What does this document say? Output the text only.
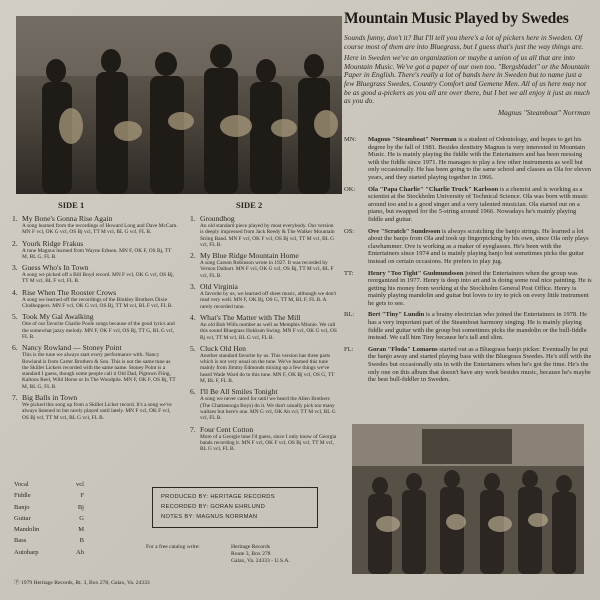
Mountain Music Played by Swedes

Sounds funny, don't it? But I'll tell you there's a lot of pickers here in Sweden. Of course most of them are into Bluegrass, but I guess that's just the way things are.

Here in Sweden we've an organization or maybe a union of us all that are into Mountain Music. We've got a paper of our own too. "Bergsbladet" or the Mountain Paper in English. There's really a lot of bands here in Sweden but to name just a few Bluegrass Swedes, Country Comfort and Gemene Men. All of us here may not be as good a-pickers as you all are over there, but I bet we all enjoy it just as much as you do.

Magnus "Steamboat" Norrman
MN:	Magnus "Steamboat" Norrman is a student of Odontology, and hopes to get his degree by the fall of 1981. Besides dentistry Magnus is very interested in Mountain Music. He is mainly playing the fiddle with the Entertainers and has been messing with the fiddle since 1971. He manages to play a few other instruments as well but only occasionally. He has been going to the same school and classes as Ola for eleven years, and they started playing together in 1966.
OK:	Ola "Papa Charlie" "Charlie Truck" Karlsson is a chemist and is working as a scientist at the Stockholm University of Technical Science. Ola was born with music around too and is a good singer and a very talented musician. Ola started out on a piano, but swapped for the 5-string around 1966. Nowadays he's mainly playing fiddle and guitar.
OS:	Ove "Scratch" Sundesson is always scratching the banjo strings. He learned a lot about the banjo from Ola and took up fingerpicking by his own, since Ola only plays clawhammer. Ove is working as a maker of eyeglasses. He's been with the Entertainers since 1974 and is mainly playing banjo but sometimes picks the guitar instead on certain occasions. He prefers to play jug.
TT:	Henry "Too Tight" Gudmundsson joined the Entertainers when the group was reorganized in 1977. Henry is deep into art and is doing some real nice painting. He is getting his money from working at the Stockholm General Post Office. Henry is mainly playing mandolin and guitar but loves to try to pick on every little instrument he gets to see.
BL:	Bert "Tiny" Lundin is a brainy electrician who joined the Entertainers in 1978. He has a very important part of the Steamboat harmony singing. He is mainly playing fiddle and guitar with the group but sometimes picks the mandolin or the bull-fiddle instead. We call him Tiny because he's tall and slim.
FL:	Goran "Floda" Lomaeus started out as a Bluegrass banjo picker. Eventually he put the banjo away and started playing bass with the Bluegrass Swedes. He's still with the Swedes but occasionally sits in with the Entertainers when he's got the time. He's the only one on this album that doesn't have any work besides music, because he's maybe the best bull-fiddler in Sweden.
SIDE 1	SIDE 2
1. My Bone's Gonna Rise Again
A song learned from the recordings of Howard Long and Dave McCarn. MN F vcl, OK G vcl, OS Bj vcl, TT M vcl, BL G vcl, FL B.
2. Yourk Ridge Frakus
A tune Magnus learned from Wayne Erbsen. MN F, OK F, OS Bj, TT M, BL G, FL B.
3. Guess Who's In Town
A song we picked off a Bill Boyd record. MN F vcl, OK G vcl, OS Bj, TT M vcl, BL F vcl, FL B.
4. Rise When The Rooster Crows
A song we learned off the recordings of the Binkley Brothers Dixie Clodhoppers. MN F vcl, OK G vcl, OS Bj, TT M vcl, BL F vcl, FL B.
5. Took My Gal Awalking
One of our favorite Charlie Poole songs because of the good lyrics and the somewhat jazzy melody. MN F, OK F vcl, OS Bj, TT G, BL G vcl, FL B.
6. Nancy Rowland — Stoney Point
This is the tune we always start every performance with. Nancy Rowland is from Carter Brothers & Son. This is not the same tune as the Skillet Lickers recorded with the same name. Stoney Point is a standard I guess, though some people call it Old Dad, Pigtown Fling, Kaltons Reel, Wild Horse or In The Woodpile. MN F, OK F, OS Bj, TT M, BL G, FL B.
7. Big Balls in Town
We picked this song up from a Skillet Licker record. It's a song we've always listened to but rarely played until lately. MN F vcl, OK F vcl, OS Bj vcl, TT M vcl, BL G vcl, FL B.
1. Groundhog
An old standard piece played by most everybody. Our version is deeply impressed from Jack Reedy & The Walker Mountain String Band. MN F vcl, OK F vcl, OS Bj vcl, TT M vcl, BL G vcl, FL B.
2. My Blue Ridge Mountain Home
A song Carson Robinson wrote in 1927. It was recorded by Vernon Dalhart. MN F vcl, OK G vcl, OS Bj, TT M vcl, BL F vcl, FL B.
3. Old Virginia
A favorite by us, we learned off sheet music, although we don't read very well. MN F, OK Bj, OS G, TT M, BL F, FL B. A rarely recorded tune.
4. What's The Matter with The Mill
An old Bob Wills number as well as Memphis Minnie. We call this sound Bluegrass Hokkum Swing. MN F vcl, OK G vcl, OS Bj vcl, TT M vcl, BL G vcl, FL B.
5. Cluck Old Hen
Another standard favorite by us. This version has three parts which is not very usual on the tune. We've learned this tune mainly from Jimmy Edmonds mixing up a few things we've heard Wade Ward do to this tune. MN F, OK Bj vcl, OS G, TT M, BL F, FL B.
6. I'll Be All Smiles Tonight
A song we never cared for until we heard the Allen Brothers (The Chattanooga Boys) do it. We don't usually pick too many waltzes but here's one. MN G vcl, OK Ah vcl, TT M vcl, BL G vcl, FL B.
7. Four Cent Cotton
More of a Georgie tune I'd guess, since I only know of Georgia bands recording it. MN F vcl, OK F vcl, OS Bj vcl, TT M vcl, BL G vcl, FL B.
Vocal	vcl
Fiddle	F
Banjo	Bj
Guitar	G
Mandolin	M
Bass	B
Autoharp	Ah
PRODUCED BY: HERITAGE RECORDS
RECORDED BY: GORAN EHRLUND
NOTES BY: MAGNUS NORRMAN
For a free catalog write:	Heritage Records
Route 3, Box 278
Galax, Va. 24333 - U.S.A.
Ⓟ 1979 Heritage Records, Rt. 3, Box 278, Galax, Va. 24333
